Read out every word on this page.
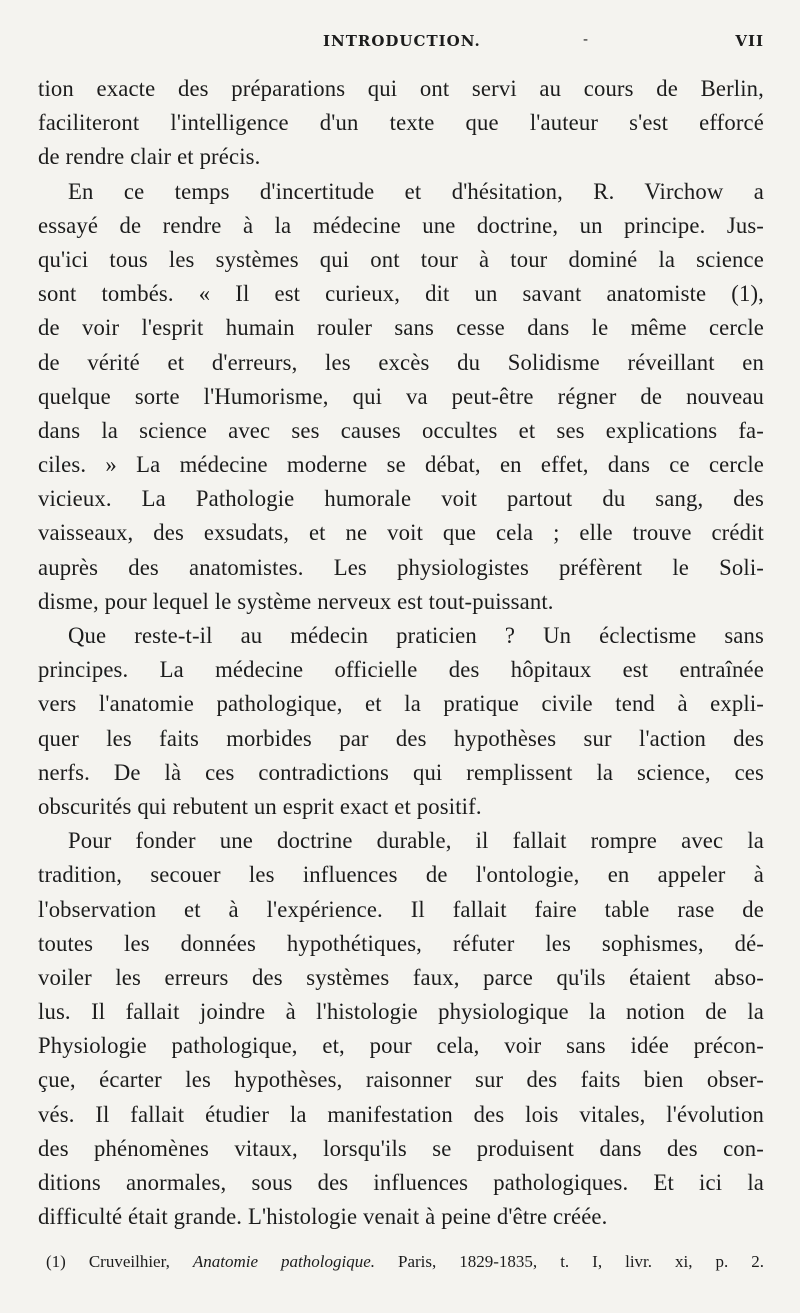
INTRODUCTION.	-	VII
tion exacte des préparations qui ont servi au cours de Berlin,
faciliteront l'intelligence d'un texte que l'auteur s'est efforcé
de rendre clair et précis.
En ce temps d'incertitude et d'hésitation, R. Virchow a
essayé de rendre à la médecine une doctrine, un principe. Jus-
qu'ici tous les systèmes qui ont tour à tour dominé la science
sont tombés. « Il est curieux, dit un savant anatomiste (1),
de voir l'esprit humain rouler sans cesse dans le même cercle
de vérité et d'erreurs, les excès du Solidisme réveillant en
quelque sorte l'Humorisme, qui va peut-être régner de nouveau
dans la science avec ses causes occultes et ses explications fa-
ciles. » La médecine moderne se débat, en effet, dans ce cercle
vicieux. La Pathologie humorale voit partout du sang, des
vaisseaux, des exsudats, et ne voit que cela ; elle trouve crédit
auprès des anatomistes. Les physiologistes préfèrent le Soli-
disme, pour lequel le système nerveux est tout-puissant.
Que reste-t-il au médecin praticien ? Un éclectisme sans
principes. La médecine officielle des hôpitaux est entraînée
vers l'anatomie pathologique, et la pratique civile tend à expli-
quer les faits morbides par des hypothèses sur l'action des
nerfs. De là ces contradictions qui remplissent la science, ces
obscurités qui rebutent un esprit exact et positif.
Pour fonder une doctrine durable, il fallait rompre avec la
tradition, secouer les influences de l'ontologie, en appeler à
l'observation et à l'expérience. Il fallait faire table rase de
toutes les données hypothétiques, réfuter les sophismes, dé-
voiler les erreurs des systèmes faux, parce qu'ils étaient abso-
lus. Il fallait joindre à l'histologie physiologique la notion de la
Physiologie pathologique, et, pour cela, voir sans idée précon-
çue, écarter les hypothèses, raisonner sur des faits bien obser-
vés. Il fallait étudier la manifestation des lois vitales, l'évolution
des phénomènes vitaux, lorsqu'ils se produisent dans des con-
ditions anormales, sous des influences pathologiques. Et ici la
difficulté était grande. L'histologie venait à peine d'être créée.
(1) Cruveilhier, Anatomie pathologique. Paris, 1829-1835, t. I, livr. xi, p. 2.
